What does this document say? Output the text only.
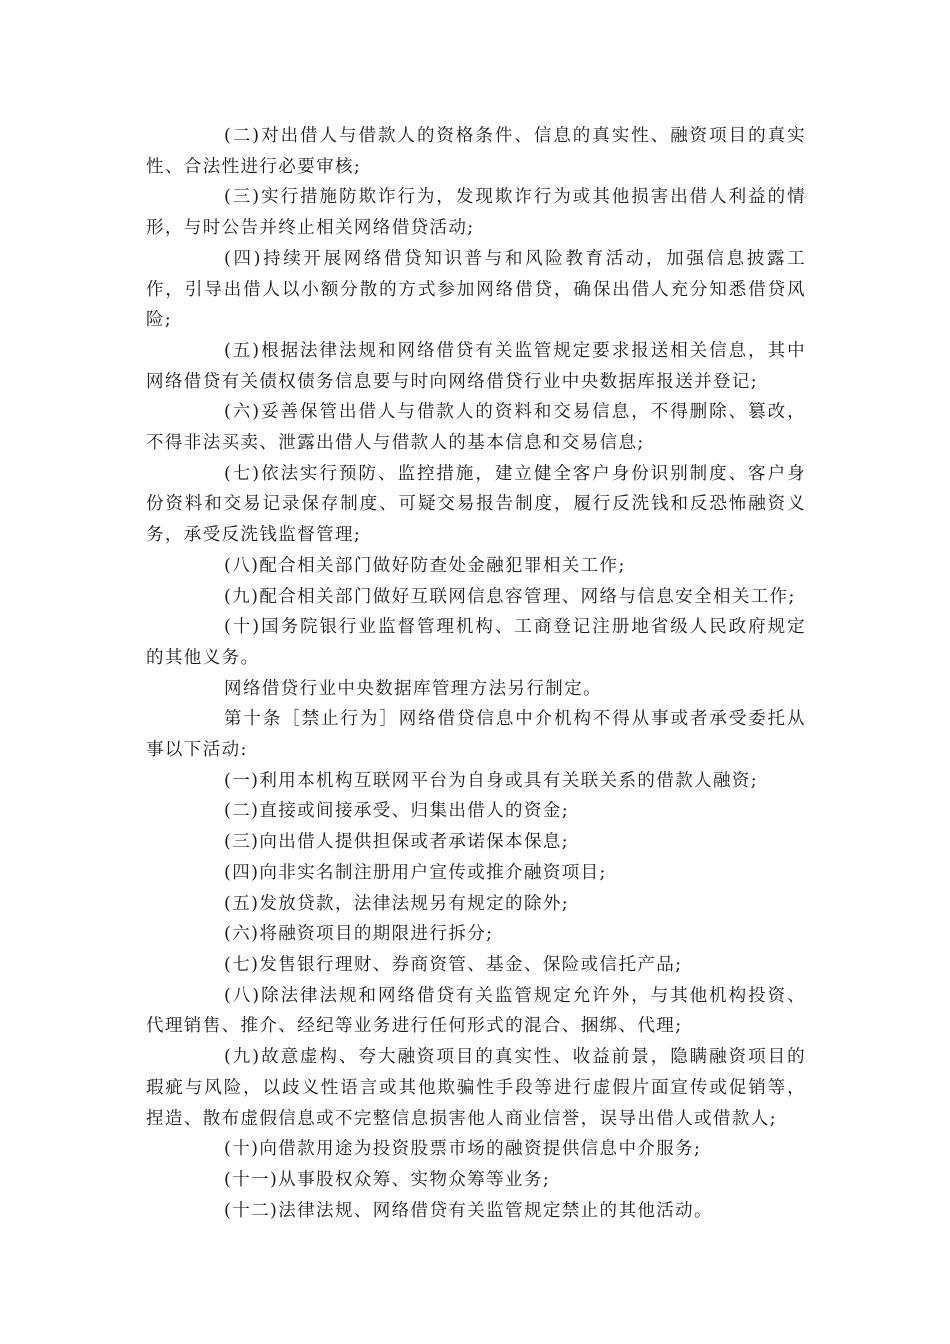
(二)对出借人与借款人的资格条件、信息的真实性、融资项目的真实性、合法性进行必要审核;

(三)实行措施防欺诈行为，发现欺诈行为或其他损害出借人利益的情形，与时公告并终止相关网络借贷活动;

(四)持续开展网络借贷知识普与和风险教育活动，加强信息披露工作，引导出借人以小额分散的方式参加网络借贷，确保出借人充分知悉借贷风险;

(五)根据法律法规和网络借贷有关监管规定要求报送相关信息，其中网络借贷有关债权债务信息要与时向网络借贷行业中央数据库报送并登记;

(六)妥善保管出借人与借款人的资料和交易信息，不得删除、篡改，不得非法买卖、泄露出借人与借款人的基本信息和交易信息;

(七)依法实行预防、监控措施，建立健全客户身份识别制度、客户身份资料和交易记录保存制度、可疑交易报告制度，履行反洗钱和反恐怖融资义务，承受反洗钱监督管理;

(八)配合相关部门做好防查处金融犯罪相关工作;

(九)配合相关部门做好互联网信息容管理、网络与信息安全相关工作;

(十)国务院银行业监督管理机构、工商登记注册地省级人民政府规定的其他义务。

网络借贷行业中央数据库管理方法另行制定。

第十条［禁止行为］网络借贷信息中介机构不得从事或者承受委托从事以下活动:

(一)利用本机构互联网平台为自身或具有关联关系的借款人融资;

(二)直接或间接承受、归集出借人的资金;

(三)向出借人提供担保或者承诺保本保息;

(四)向非实名制注册用户宣传或推介融资项目;

(五)发放贷款，法律法规另有规定的除外;

(六)将融资项目的期限进行拆分;

(七)发售银行理财、券商资管、基金、保险或信托产品;

(八)除法律法规和网络借贷有关监管规定允许外，与其他机构投资、代理销售、推介、经纪等业务进行任何形式的混合、捆绑、代理;

(九)故意虚构、夸大融资项目的真实性、收益前景，隐瞒融资项目的瑕疵与风险，以歧义性语言或其他欺骗性手段等进行虚假片面宣传或促销等，捏造、散布虚假信息或不完整信息损害他人商业信誉，误导出借人或借款人;

(十)向借款用途为投资股票市场的融资提供信息中介服务;

(十一)从事股权众筹、实物众筹等业务;

(十二)法律法规、网络借贷有关监管规定禁止的其他活动。
